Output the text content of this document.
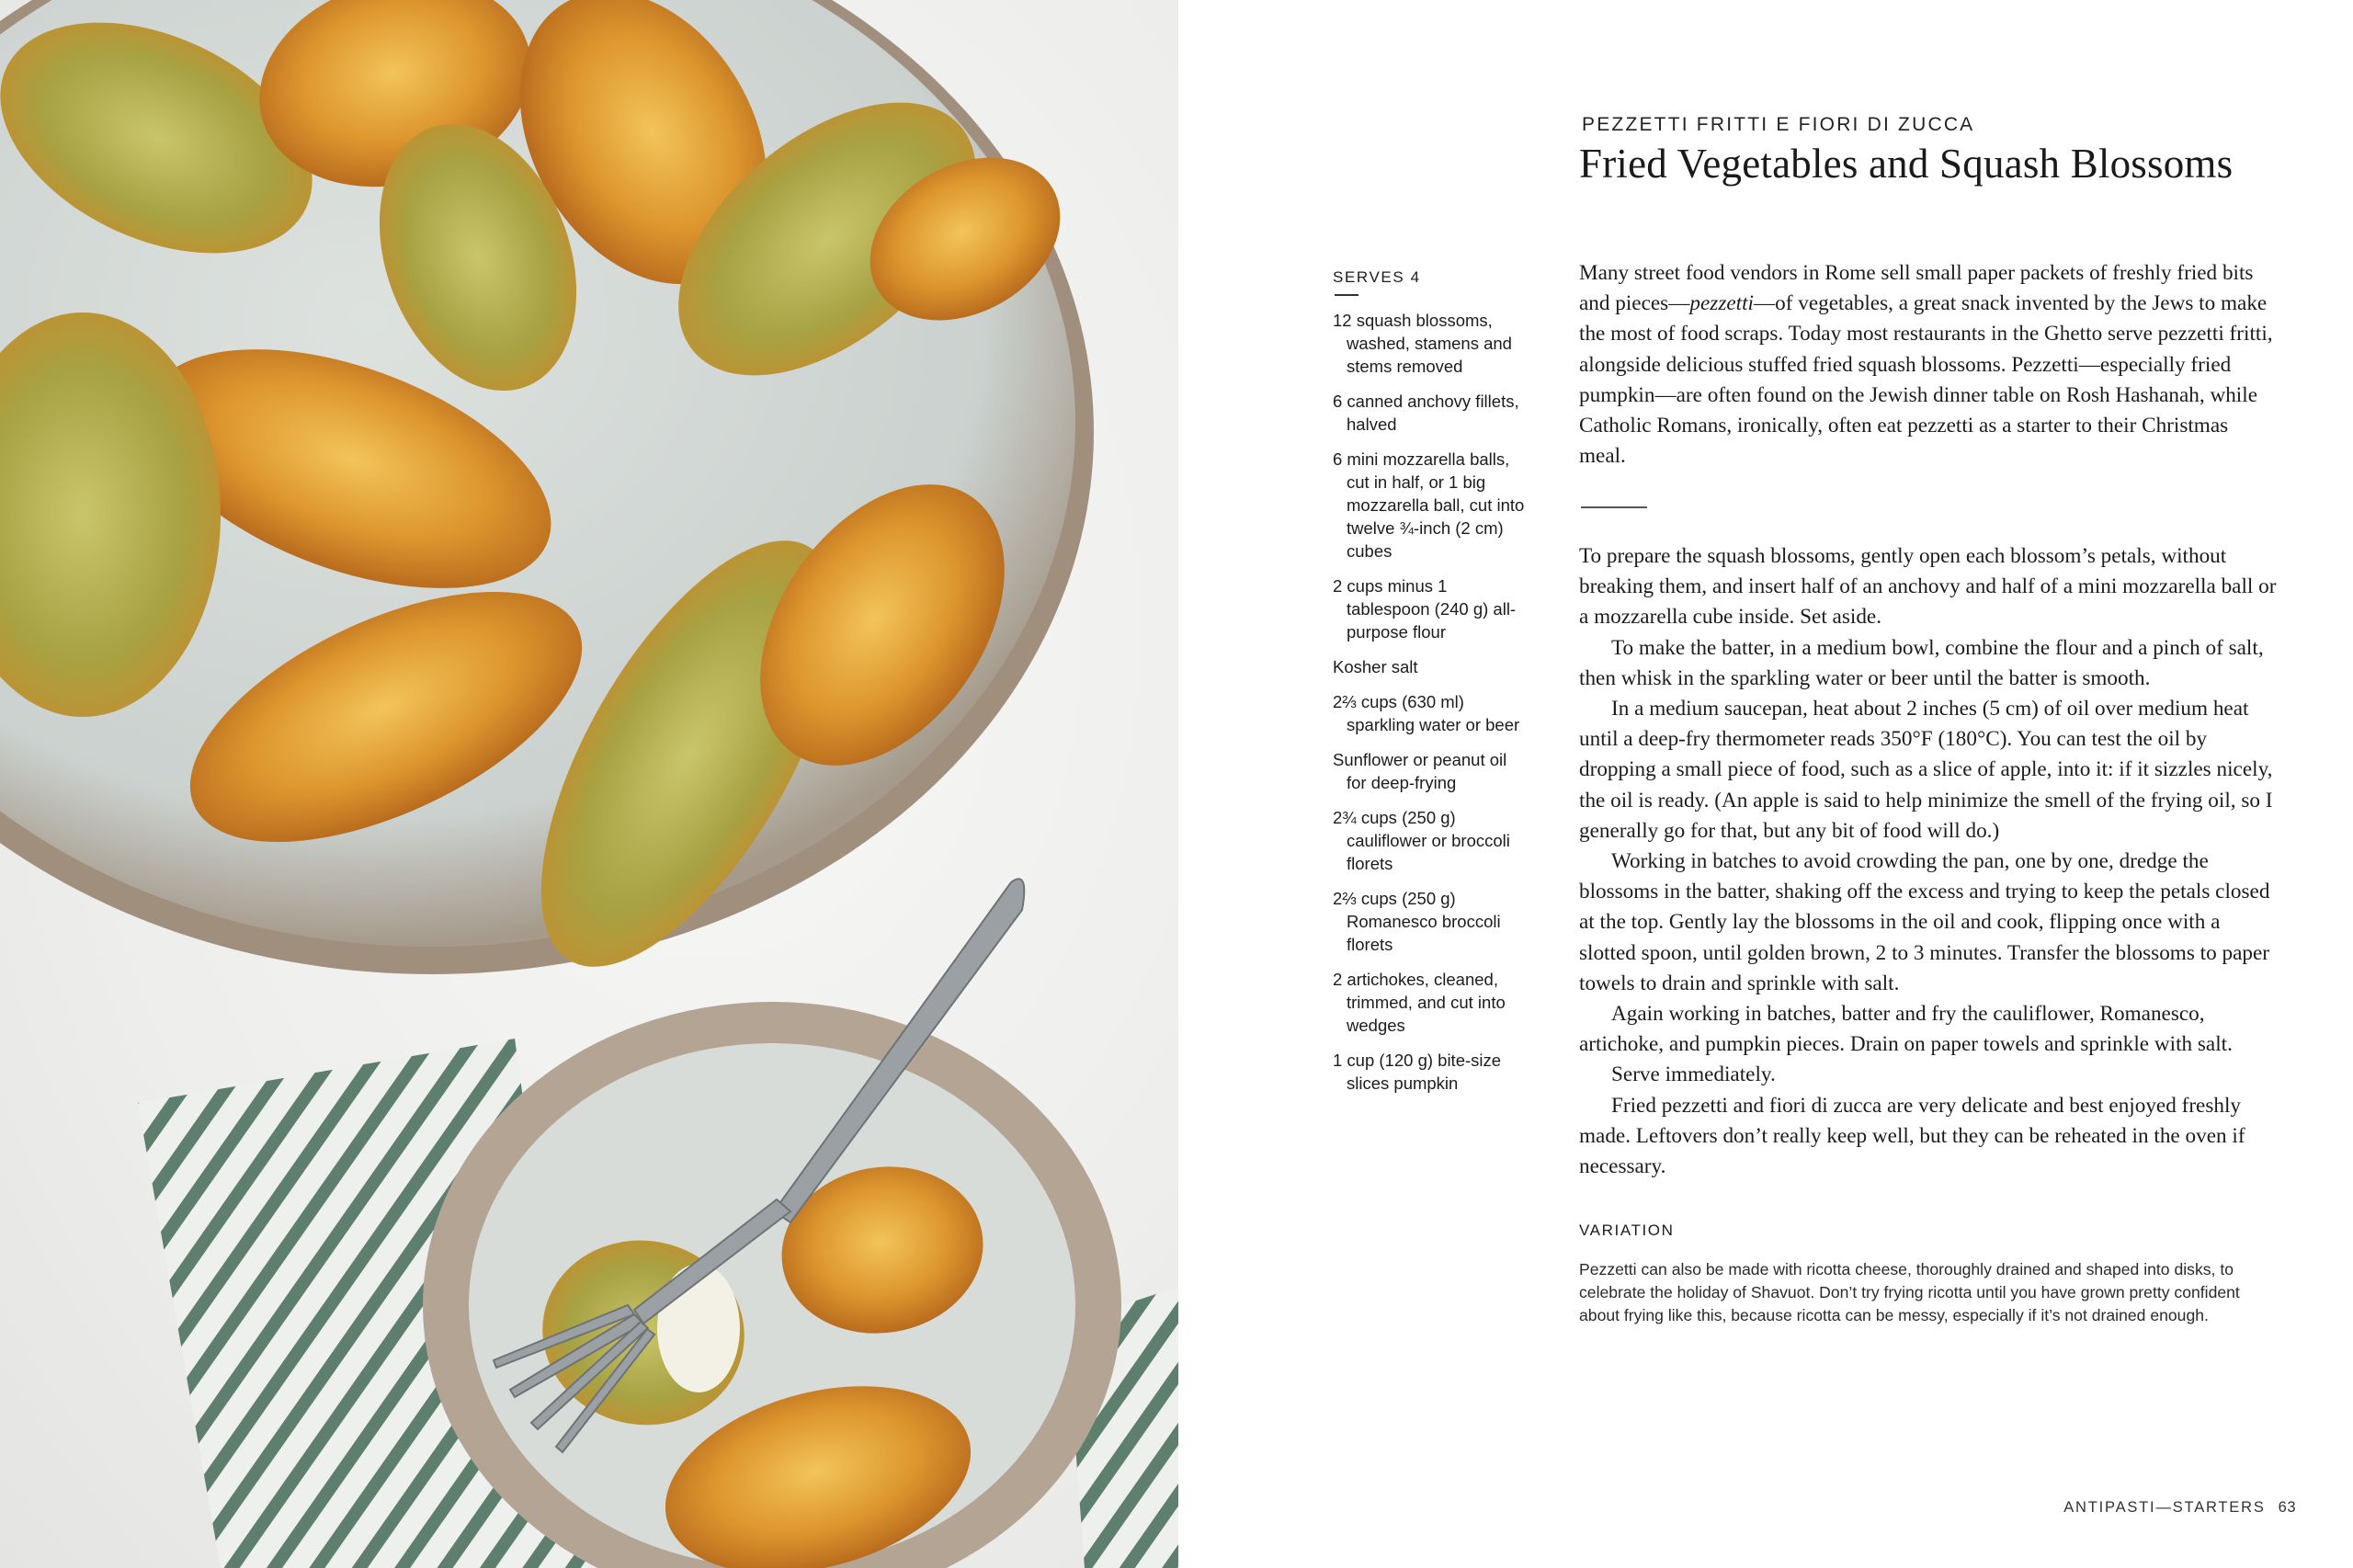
PEZZETTI FRITTI E FIORI DI ZUCCA
Fried Vegetables and Squash Blossoms
SERVES 4
12 squash blossoms, washed, stamens and stems removed
6 canned anchovy fillets, halved
6 mini mozzarella balls, cut in half, or 1 big mozzarella ball, cut into twelve ¾-inch (2 cm) cubes
2 cups minus 1 tablespoon (240 g) all-purpose flour
Kosher salt
2⅔ cups (630 ml) sparkling water or beer
Sunflower or peanut oil for deep-frying
2¾ cups (250 g) cauliflower or broccoli florets
2⅔ cups (250 g) Romanesco broccoli florets
2 artichokes, cleaned, trimmed, and cut into wedges
1 cup (120 g) bite-size slices pumpkin

Many street food vendors in Rome sell small paper packets of freshly fried bits and pieces—pezzetti—of vegetables, a great snack invented by the Jews to make the most of food scraps. Today most restaurants in the Ghetto serve pezzetti fritti, alongside delicious stuffed fried squash blossoms. Pezzetti—especially fried pumpkin—are often found on the Jewish dinner table on Rosh Hashanah, while Catholic Romans, ironically, often eat pezzetti as a starter to their Christmas meal.

To prepare the squash blossoms, gently open each blossom’s petals, without breaking them, and insert half of an anchovy and half of a mini mozzarella ball or a mozzarella cube inside. Set aside.

To make the batter, in a medium bowl, combine the flour and a pinch of salt, then whisk in the sparkling water or beer until the batter is smooth.

In a medium saucepan, heat about 2 inches (5 cm) of oil over medium heat until a deep-fry thermometer reads 350°F (180°C). You can test the oil by dropping a small piece of food, such as a slice of apple, into it: if it sizzles nicely, the oil is ready. (An apple is said to help minimize the smell of the frying oil, so I generally go for that, but any bit of food will do.)

Working in batches to avoid crowding the pan, one by one, dredge the blossoms in the batter, shaking off the excess and trying to keep the petals closed at the top. Gently lay the blossoms in the oil and cook, flipping once with a slotted spoon, until golden brown, 2 to 3 minutes. Transfer the blossoms to paper towels to drain and sprinkle with salt.

Again working in batches, batter and fry the cauliflower, Romanesco, artichoke, and pumpkin pieces. Drain on paper towels and sprinkle with salt.

Serve immediately.

Fried pezzetti and fiori di zucca are very delicate and best enjoyed freshly made. Leftovers don’t really keep well, but they can be reheated in the oven if necessary.

VARIATION
Pezzetti can also be made with ricotta cheese, thoroughly drained and shaped into disks, to celebrate the holiday of Shavuot. Don’t try frying ricotta until you have grown pretty confident about frying like this, because ricotta can be messy, especially if it’s not drained enough.
ANTIPASTI—STARTERS 63
